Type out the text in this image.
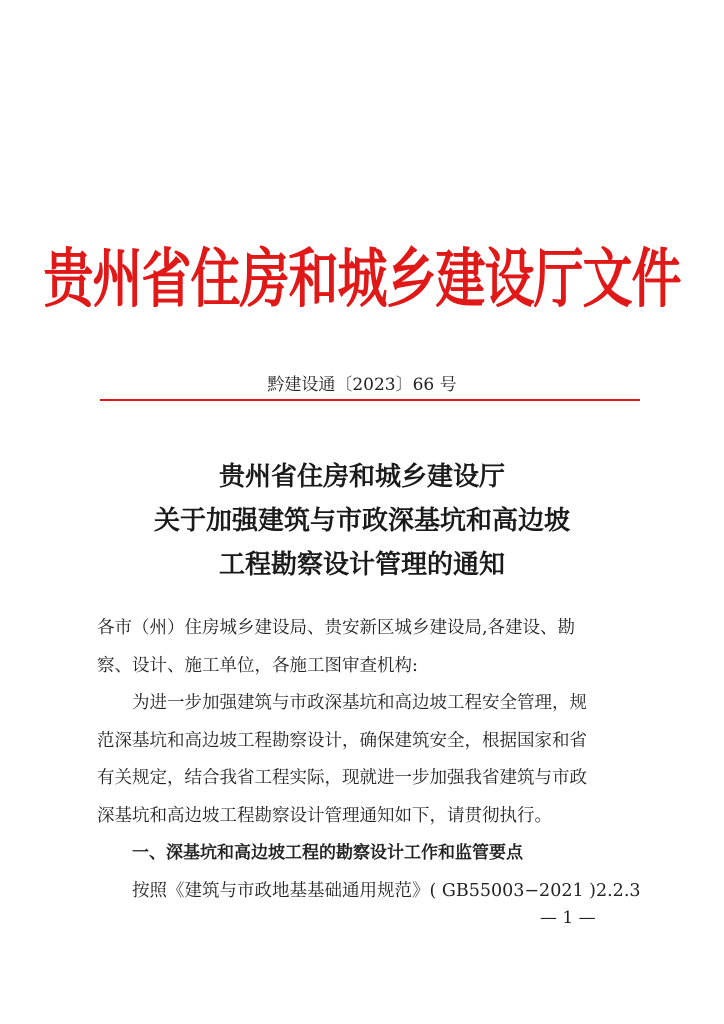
贵州省住房和城乡建设厅文件
黔建设通〔2023〕66 号
贵州省住房和城乡建设厅
关于加强建筑与市政深基坑和高边坡
工程勘察设计管理的通知
各市（州）住房城乡建设局、贵安新区城乡建设局,各建设、勘
察、设计、施工单位，各施工图审查机构:
为进一步加强建筑与市政深基坑和高边坡工程安全管理，规
范深基坑和高边坡工程勘察设计，确保建筑安全，根据国家和省
有关规定，结合我省工程实际，现就进一步加强我省建筑与市政
深基坑和高边坡工程勘察设计管理通知如下，请贯彻执行。
一、深基坑和高边坡工程的勘察设计工作和监管要点
按照《建筑与市政地基基础通用规范》( GB55003−2021 )2.2.3
— 1 —
